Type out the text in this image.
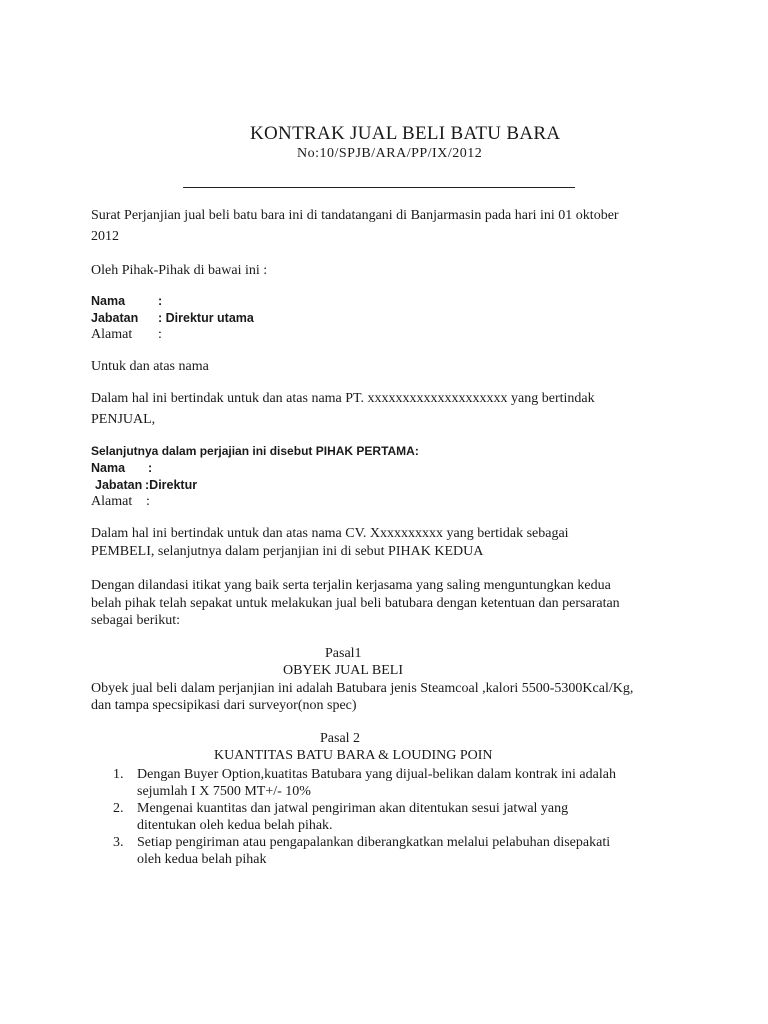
KONTRAK JUAL BELI BATU BARA
No:10/SPJB/ARA/PP/IX/2012
Surat Perjanjian jual beli batu bara ini di tandatangani di Banjarmasin pada hari ini 01 oktober
2012
Oleh Pihak-Pihak di bawai ini :
Nama	:
Jabatan : Direktur utama
Alamat :
Untuk dan atas nama
Dalam hal ini bertindak untuk dan atas nama PT. xxxxxxxxxxxxxxxxxxxx yang bertindak
PENJUAL,
Selanjutnya dalam perjajian ini disebut PIHAK PERTAMA:
Nama :
Jabatan :Direktur
Alamat :
Dalam hal ini bertindak untuk dan atas nama CV. Xxxxxxxxxx yang bertidak sebagai
PEMBELI, selanjutnya dalam perjanjian ini di sebut PIHAK KEDUA
Dengan dilandasi itikat yang baik serta terjalin kerjasama yang saling menguntungkan kedua
belah pihak telah sepakat untuk melakukan jual beli batubara dengan ketentuan dan persaratan
sebagai berikut:
Pasal1
OBYEK JUAL BELI
Obyek jual beli dalam perjanjian ini adalah Batubara jenis Steamcoal ,kalori 5500-5300Kcal/Kg,
dan tampa specsipikasi dari surveyor(non spec)
Pasal 2
KUANTITAS BATU BARA & LOUDING POIN
1. Dengan Buyer Option,kuatitas Batubara yang dijual-belikan dalam kontrak ini adalah
sejumlah I X 7500 MT+/- 10%
2. Mengenai kuantitas dan jatwal pengiriman akan ditentukan sesui jatwal yang
ditentukan oleh kedua belah pihak.
3. Setiap pengiriman atau pengapalankan diberangkatkan melalui pelabuhan disepakati
oleh kedua belah pihak
